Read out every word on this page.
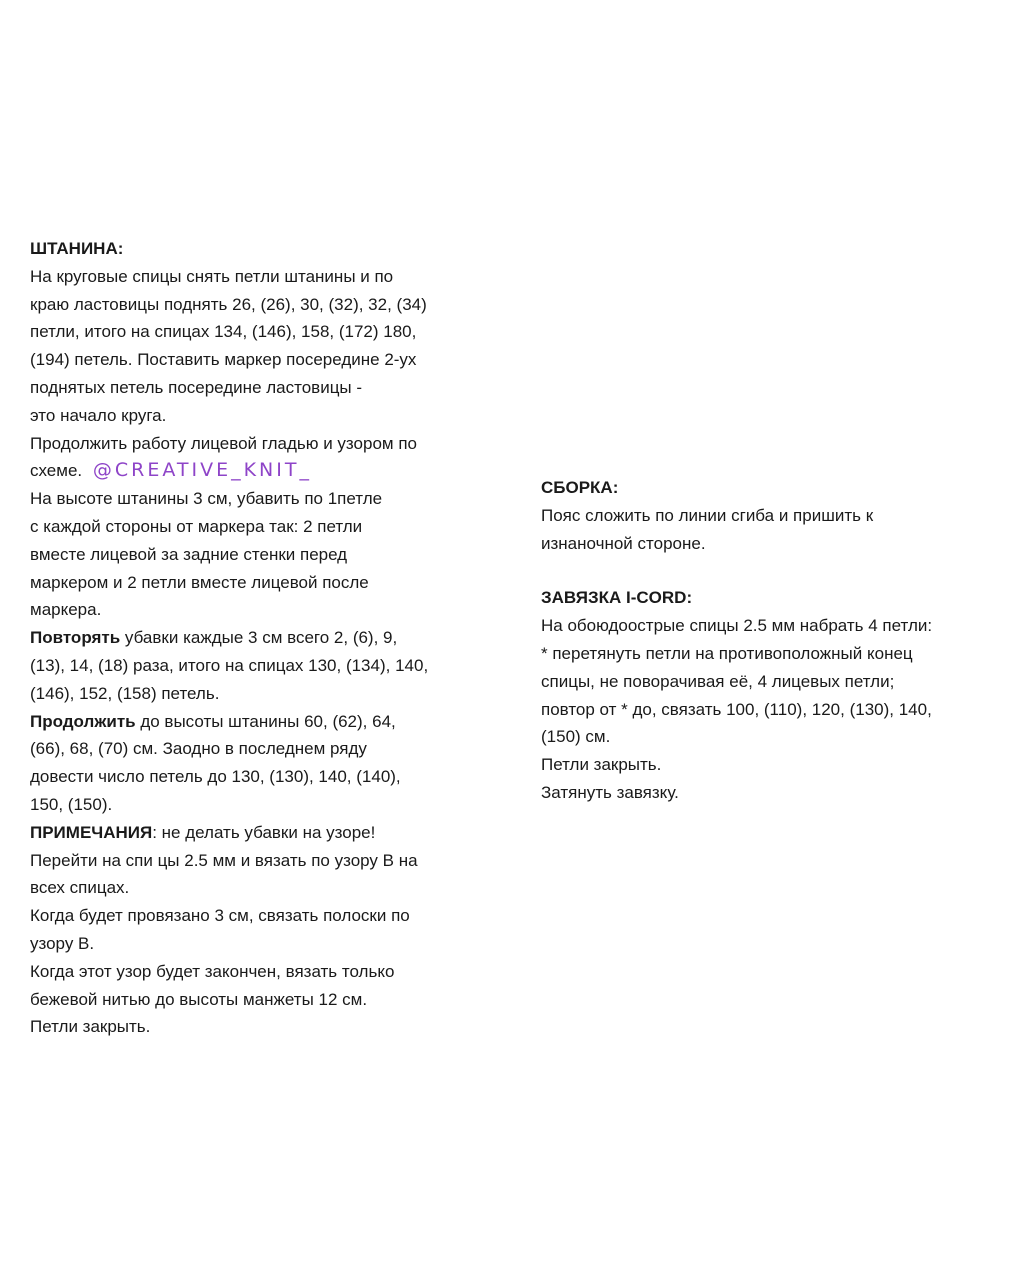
ШТАНИНА:
На круговые спицы снять петли штанины и по
краю ластовицы поднять 26, (26), 30, (32), 32, (34)
петли, итого на спицах 134, (146), 158, (172) 180,
(194) петель. Поставить маркер посередине 2-ух
поднятых петель посередине ластовицы -
это начало круга.
Продолжить работу лицевой гладью и узором по
схеме. @CREATIVE_KNIT_
На высоте штанины 3 см, убавить по 1петле
с каждой стороны от маркера так: 2 петли
вместе лицевой за задние стенки перед
маркером и 2 петли вместе лицевой после
маркера.
Повторять убавки каждые 3 см всего 2, (6), 9,
(13), 14, (18) раза, итого на спицах 130, (134), 140,
(146), 152, (158) петель.
Продолжить до высоты штанины 60, (62), 64,
(66), 68, (70) см. Заодно в последнем ряду
довести число петель до 130, (130), 140, (140),
150, (150).
ПРИМЕЧАНИЯ: не делать убавки на узоре!
Перейти на спи цы 2.5 мм и вязать по узору В на
всех спицах.
Когда будет провязано 3 см, связать полоски по
узору В.
Когда этот узор будет закончен, вязать только
бежевой нитью до высоты манжеты 12 см.
Петли закрыть.
СБОРКА:
Пояс сложить по линии сгиба и пришить к
изнаночной стороне.
ЗАВЯЗКА I-CORD:
На обоюдоострые спицы 2.5 мм набрать 4 петли:
* перетянуть петли на противоположный конец
спицы, не поворачивая её, 4 лицевых петли;
повтор от * до, связать 100, (110), 120, (130), 140,
(150) см.
Петли закрыть.
Затянуть завязку.
